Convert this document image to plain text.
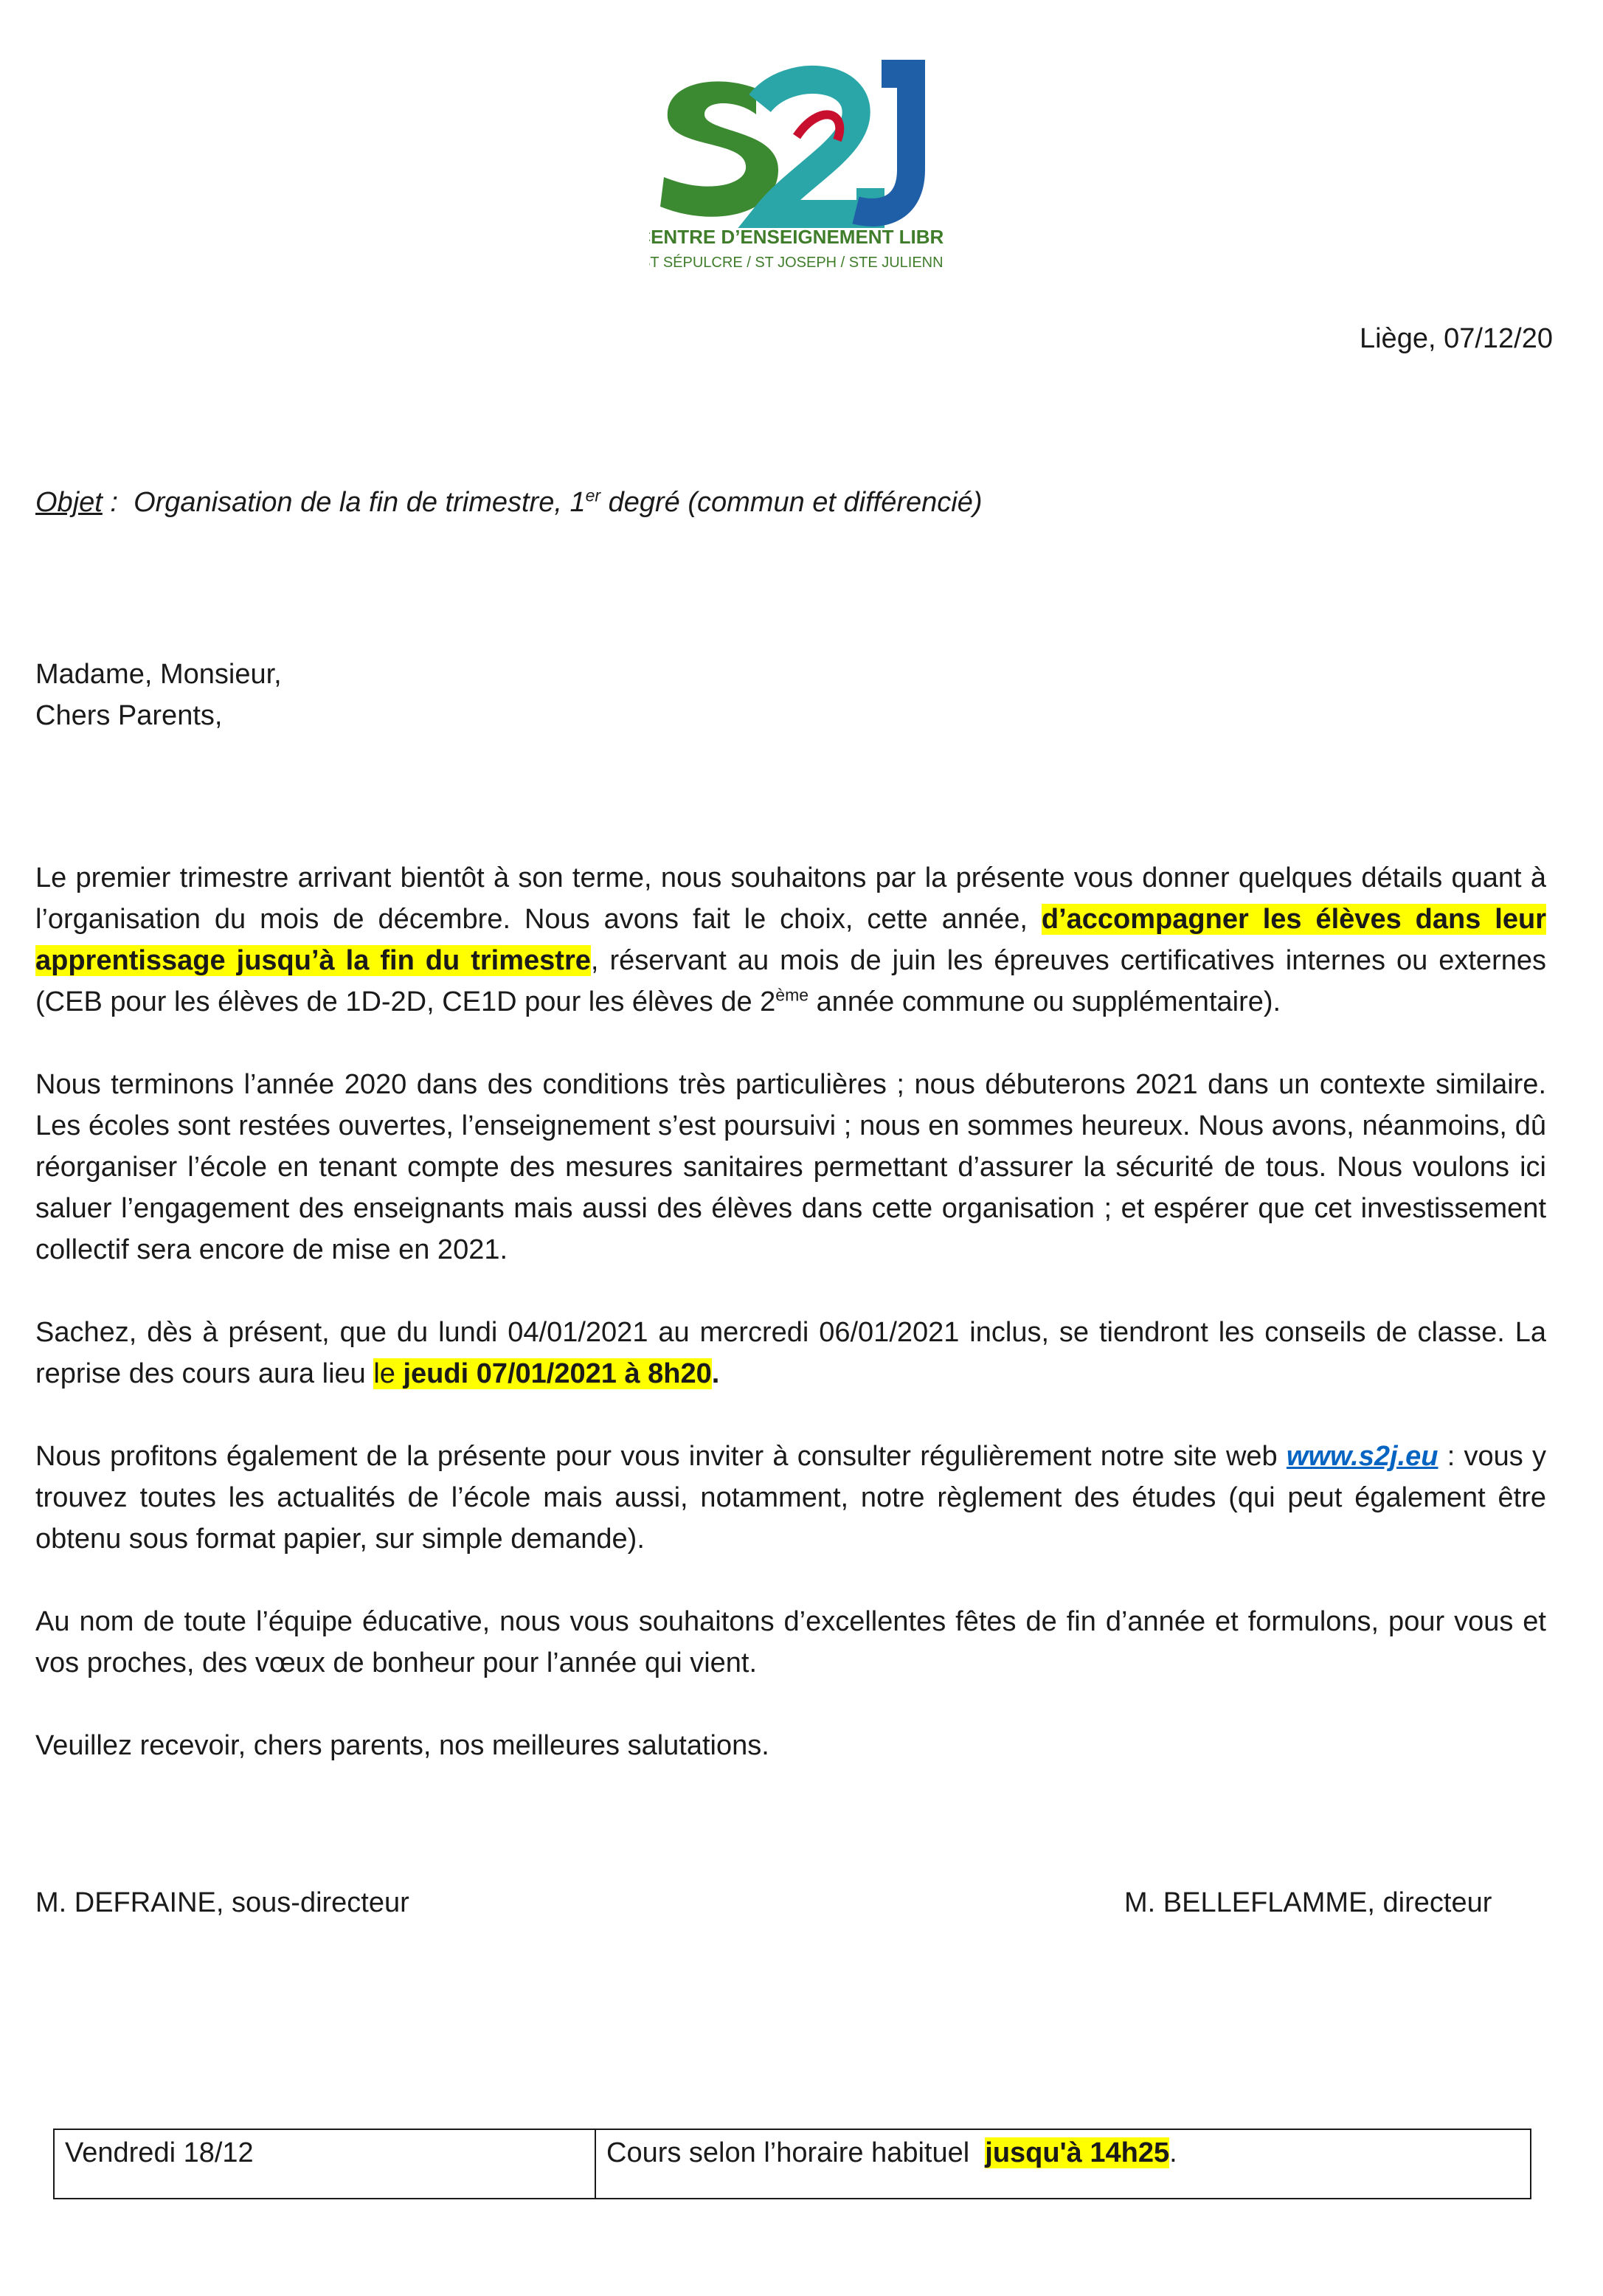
CENTRE D’ENSEIGNEMENT LIBRE
ST SÉPULCRE / ST JOSEPH / STE JULIENNE
Liège, 07/12/20
Objet :  Organisation de la fin de trimestre, 1er degré (commun et différencié)
Madame, Monsieur,
Chers Parents,

Le premier trimestre arrivant bientôt à son terme, nous souhaitons par la présente vous donner quelques détails quant à l’organisation du mois de décembre. Nous avons fait le choix, cette année, d’accompagner les élèves dans leur apprentissage jusqu’à la fin du trimestre, réservant au mois de juin les épreuves certificatives internes ou externes (CEB pour les élèves de 1D-2D, CE1D pour les élèves de 2ème année commune ou supplémentaire).

Nous terminons l’année 2020 dans des conditions très particulières ; nous débuterons 2021 dans un contexte similaire. Les écoles sont restées ouvertes, l’enseignement s’est poursuivi ; nous en sommes heureux. Nous avons, néanmoins, dû réorganiser l’école en tenant compte des mesures sanitaires permettant d’assurer la sécurité de tous. Nous voulons ici saluer l’engagement des enseignants mais aussi des élèves dans cette organisation ; et espérer que cet investissement collectif sera encore de mise en 2021.

Sachez, dès à présent, que du lundi 04/01/2021 au mercredi 06/01/2021 inclus, se tiendront les conseils de classe. La reprise des cours aura lieu le jeudi 07/01/2021 à 8h20.

Nous profitons également de la présente pour vous inviter à consulter régulièrement notre site web www.s2j.eu : vous y trouvez toutes les actualités de l’école mais aussi, notamment, notre règlement des études (qui peut également être obtenu sous format papier, sur simple demande).

Au nom de toute l’équipe éducative, nous vous souhaitons d’excellentes fêtes de fin d’année et formulons, pour vous et vos proches, des vœux de bonheur pour l’année qui vient.

Veuillez recevoir, chers parents, nos meilleures salutations.

M. DEFRAINE, sous-directeur	M. BELLEFLAMME, directeur
Vendredi 18/12	Cours selon l’horaire habituel  jusqu'à 14h25.
